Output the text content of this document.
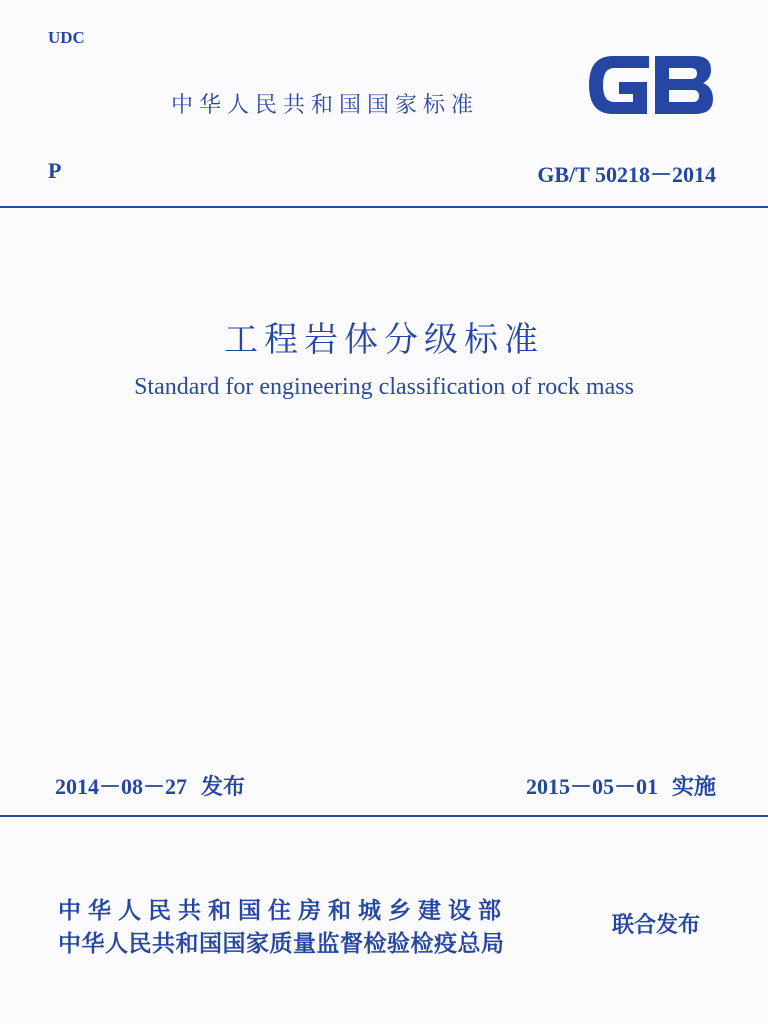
UDC
中华人民共和国国家标准
P	GB/T 50218－2014
工程岩体分级标准
Standard for engineering classification of rock mass
2014－08－27 发布	2015－05－01 实施
中华人民共和国住房和城乡建设部
中华人民共和国国家质量监督检验检疫总局
联合发布
